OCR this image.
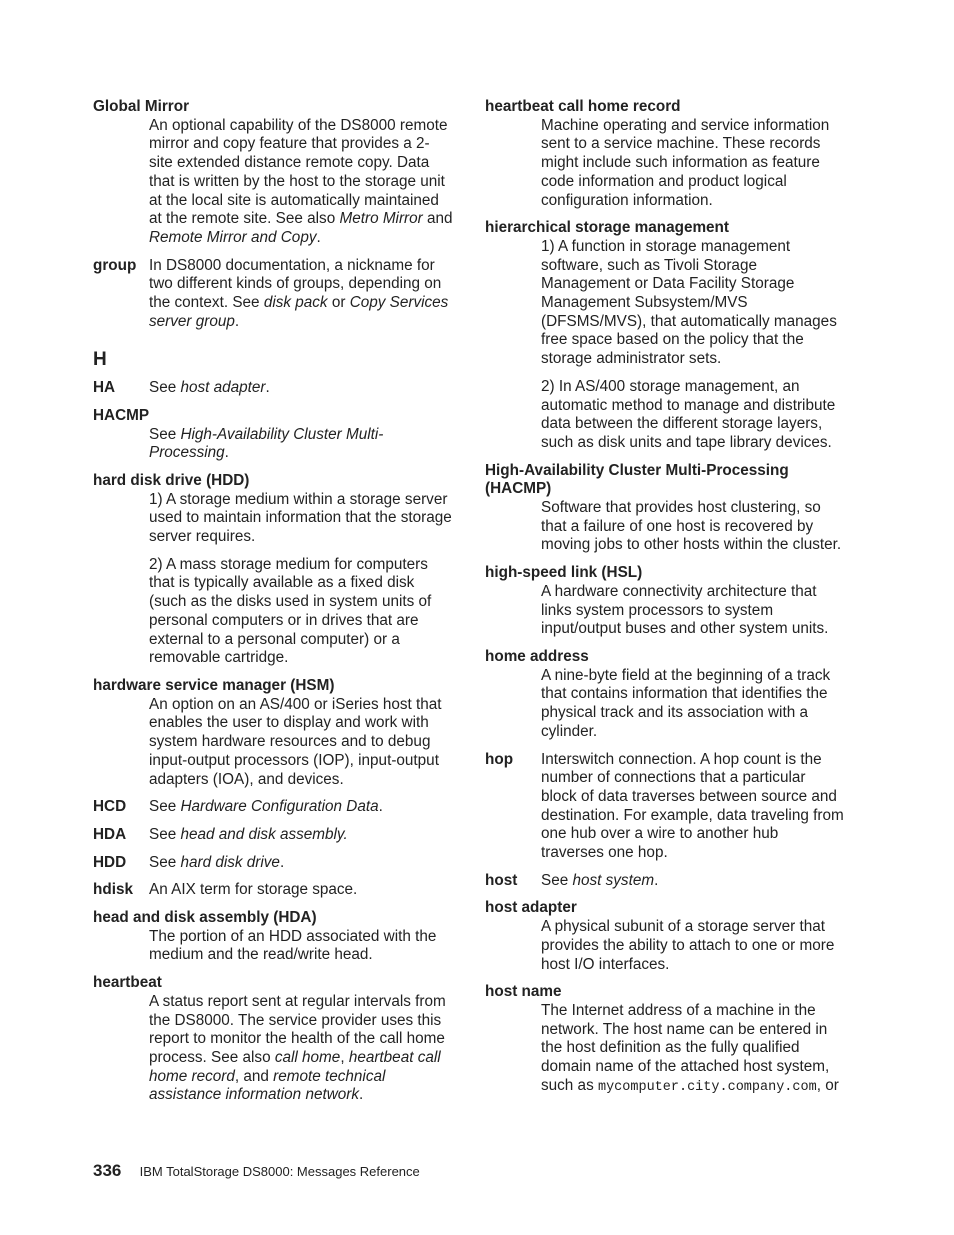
Global Mirror
An optional capability of the DS8000 remote mirror and copy feature that provides a 2-site extended distance remote copy. Data that is written by the host to the storage unit at the local site is automatically maintained at the remote site. See also Metro Mirror and Remote Mirror and Copy.
group In DS8000 documentation, a nickname for two different kinds of groups, depending on the context. See disk pack or Copy Services server group.
H
HA See host adapter.
HACMP
See High-Availability Cluster Multi-Processing.
hard disk drive (HDD)

1) A storage medium within a storage server used to maintain information that the storage server requires.

2) A mass storage medium for computers that is typically available as a fixed disk (such as the disks used in system units of personal computers or in drives that are external to a personal computer) or a removable cartridge.

hardware service manager (HSM)
An option on an AS/400 or iSeries host that enables the user to display and work with system hardware resources and to debug input-output processors (IOP), input-output adapters (IOA), and devices.
HCD See Hardware Configuration Data.
HDA See head and disk assembly.
HDD See hard disk drive.
hdisk An AIX term for storage space.
head and disk assembly (HDA)
The portion of an HDD associated with the medium and the read/write head.
heartbeat
A status report sent at regular intervals from the DS8000. The service provider uses this report to monitor the health of the call home process. See also call home, heartbeat call home record, and remote technical assistance information network.
heartbeat call home record
Machine operating and service information sent to a service machine. These records might include such information as feature code information and product logical configuration information.
hierarchical storage management

1) A function in storage management software, such as Tivoli Storage Management or Data Facility Storage Management Subsystem/MVS (DFSMS/MVS), that automatically manages free space based on the policy that the storage administrator sets.

2) In AS/400 storage management, an automatic method to manage and distribute data between the different storage layers, such as disk units and tape library devices.

High-Availability Cluster Multi-Processing (HACMP)
Software that provides host clustering, so that a failure of one host is recovered by moving jobs to other hosts within the cluster.
high-speed link (HSL)
A hardware connectivity architecture that links system processors to system input/output buses and other system units.
home address
A nine-byte field at the beginning of a track that contains information that identifies the physical track and its association with a cylinder.
hop Interswitch connection. A hop count is the number of connections that a particular block of data traverses between source and destination. For example, data traveling from one hub over a wire to another hub traverses one hop.
host See host system.
host adapter
A physical subunit of a storage server that provides the ability to attach to one or more host I/O interfaces.
host name
The Internet address of a machine in the network. The host name can be entered in the host definition as the fully qualified domain name of the attached host system, such as mycomputer.city.company.com, or
336 IBM TotalStorage DS8000: Messages Reference
